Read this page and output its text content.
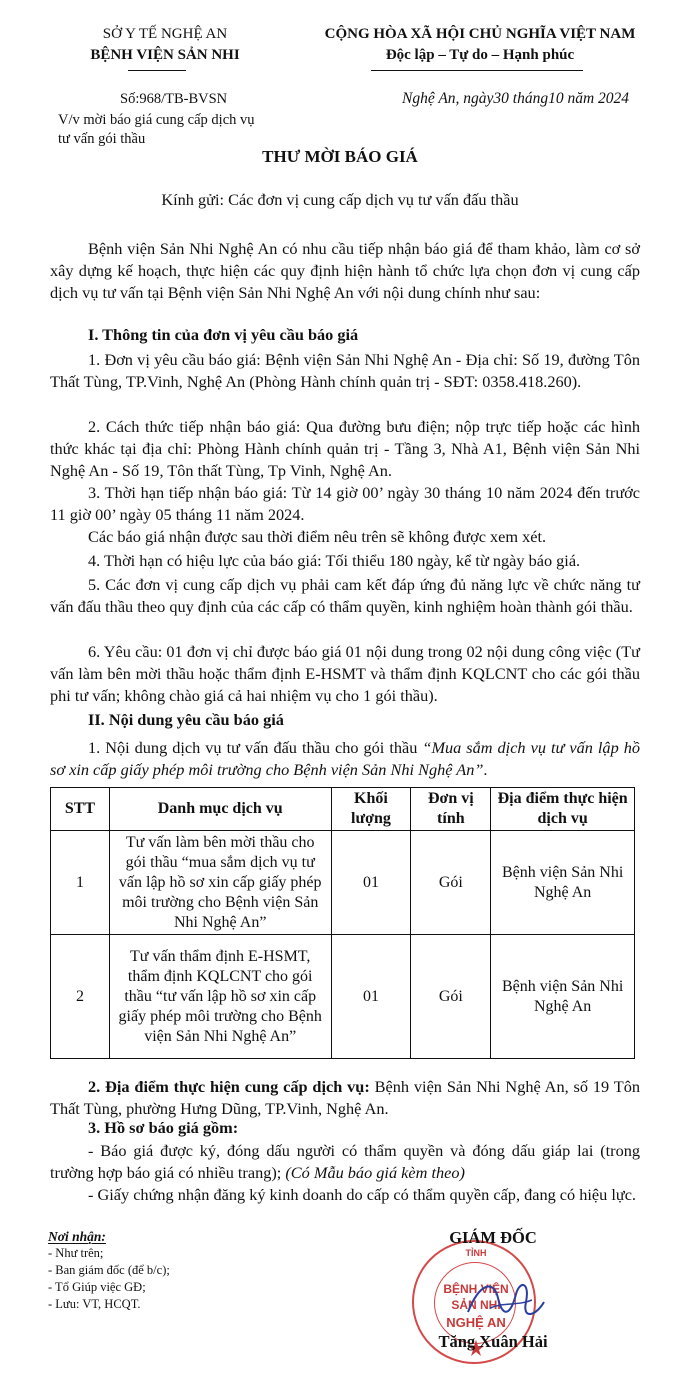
SỞ Y TẾ NGHỆ AN
BỆNH VIỆN SẢN NHI
CỘNG HÒA XÃ HỘI CHỦ NGHĨA VIỆT NAM
Độc lập – Tự do – Hạnh phúc
Số:968/TB-BVSN
V/v mời báo giá cung cấp dịch vụ
tư vấn gói thầu
Nghệ An, ngày30 tháng10 năm 2024
THƯ MỜI BÁO GIÁ
Kính gửi: Các đơn vị cung cấp dịch vụ tư vấn đấu thầu
Bệnh viện Sản Nhi Nghệ An có nhu cầu tiếp nhận báo giá để tham khảo, làm cơ sở xây dựng kế hoạch, thực hiện các quy định hiện hành tổ chức lựa chọn đơn vị cung cấp dịch vụ tư vấn tại Bệnh viện Sản Nhi Nghệ An với nội dung chính như sau:
I. Thông tin của đơn vị yêu cầu báo giá
1. Đơn vị yêu cầu báo giá: Bệnh viện Sản Nhi Nghệ An - Địa chỉ: Số 19, đường Tôn Thất Tùng, TP.Vinh, Nghệ An (Phòng Hành chính quản trị - SĐT: 0358.418.260).
2. Cách thức tiếp nhận báo giá: Qua đường bưu điện; nộp trực tiếp hoặc các hình thức khác tại địa chỉ: Phòng Hành chính quản trị - Tầng 3, Nhà A1, Bệnh viện Sản Nhi Nghệ An - Số 19, Tôn thất Tùng, Tp Vinh, Nghệ An.
3. Thời hạn tiếp nhận báo giá: Từ 14 giờ 00’ ngày 30 tháng 10 năm 2024 đến trước 11 giờ 00’ ngày 05 tháng 11 năm 2024.
Các báo giá nhận được sau thời điểm nêu trên sẽ không được xem xét.
4. Thời hạn có hiệu lực của báo giá: Tối thiểu 180 ngày, kể từ ngày báo giá.
5. Các đơn vị cung cấp dịch vụ phải cam kết đáp ứng đủ năng lực về chức năng tư vấn đấu thầu theo quy định của các cấp có thẩm quyền, kinh nghiệm hoàn thành gói thầu.
6. Yêu cầu: 01 đơn vị chỉ được báo giá 01 nội dung trong 02 nội dung công việc (Tư vấn làm bên mời thầu hoặc thẩm định E-HSMT và thẩm định KQLCNT cho các gói thầu phi tư vấn; không chào giá cả hai nhiệm vụ cho 1 gói thầu).
II. Nội dung yêu cầu báo giá
1. Nội dung dịch vụ tư vấn đấu thầu cho gói thầu “Mua sắm dịch vụ tư vấn lập hồ sơ xin cấp giấy phép môi trường cho Bệnh viện Sản Nhi Nghệ An”.
STT	Danh mục dịch vụ	Khối lượng	Đơn vị tính	Địa điểm thực hiện dịch vụ
1	Tư vấn làm bên mời thầu cho gói thầu “mua sắm dịch vụ tư vấn lập hồ sơ xin cấp giấy phép môi trường cho Bệnh viện Sản Nhi Nghệ An”	01	Gói	Bệnh viện Sản Nhi Nghệ An
2	Tư vấn thẩm định E-HSMT, thẩm định KQLCNT cho gói thầu “tư vấn lập hồ sơ xin cấp giấy phép môi trường cho Bệnh viện Sản Nhi Nghệ An”	01	Gói	Bệnh viện Sản Nhi Nghệ An
2. Địa điểm thực hiện cung cấp dịch vụ: Bệnh viện Sản Nhi Nghệ An, số 19 Tôn Thất Tùng, phường Hưng Dũng, TP.Vinh, Nghệ An.
3. Hồ sơ báo giá gồm:
- Báo giá được ký, đóng dấu người có thẩm quyền và đóng dấu giáp lai (trong trường hợp báo giá có nhiều trang); (Có Mẫu báo giá kèm theo)
- Giấy chứng nhận đăng ký kinh doanh do cấp có thẩm quyền cấp, đang có hiệu lực.
Nơi nhận:
- Như trên;
- Ban giám đốc (để b/c);
- Tổ Giúp việc GĐ;
- Lưu: VT, HCQT.
TỈNH
BỆNH VIỆN
SẢN NHI
NGHỆ AN
GIÁM ĐỐC
Tăng Xuân Hải
